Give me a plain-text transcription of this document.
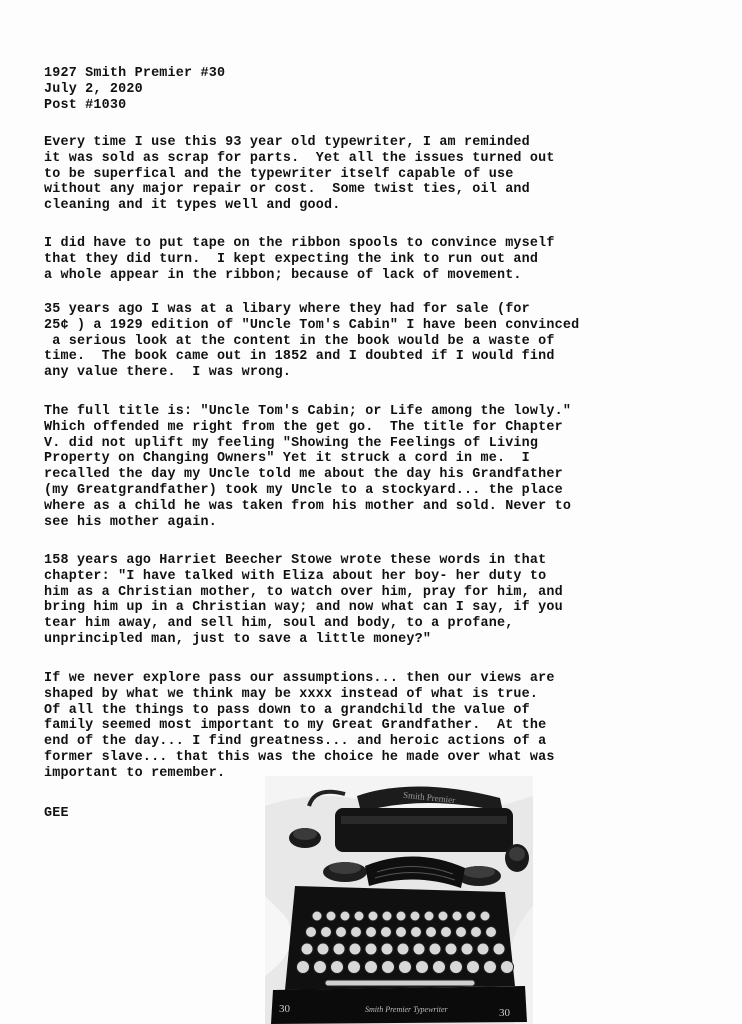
1927 Smith Premier #30
July 2, 2020
Post #1030
Every time I use this 93 year old typewriter, I am reminded
it was sold as scrap for parts.  Yet all the issues turned out
to be superfical and the typewriter itself capable of use
without any major repair or cost.  Some twist ties, oil and
cleaning and it types well and good.
I did have to put tape on the ribbon spools to convince myself
that they did turn.  I kept expecting the ink to run out and
a whole appear in the ribbon; because of lack of movement.
35 years ago I was at a libary where they had for sale (for
25¢ ) a 1929 edition of "Uncle Tom's Cabin" I have been convinced
a serious look at the content in the book would be a waste of
time.  The book came out in 1852 and I doubted if I would find
any value there.  I was wrong.
The full title is: "Uncle Tom's Cabin; or Life among the lowly."
Which offended me right from the get go.  The title for Chapter
V. did not uplift my feeling "Showing the Feelings of Living
Property on Changing Owners" Yet it struck a cord in me.  I
recalled the day my Uncle told me about the day his Grandfather
(my Greatgrandfather) took my Uncle to a stockyard... the place
where as a child he was taken from his mother and sold. Never to
see his mother again.
158 years ago Harriet Beecher Stowe wrote these words in that
chapter: "I have talked with Eliza about her boy- her duty to
him as a Christian mother, to watch over him, pray for him, and
bring him up in a Christian way; and now what can I say, if you
tear him away, and sell him, soul and body, to a profane,
unprincipled man, just to save a little money?"
If we never explore pass our assumptions... then our views are
shaped by what we think may be xxxx instead of what is true.
Of all the things to pass down to a grandchild the value of
family seemed most important to my Great Grandfather.  At the
end of the day... I find greatness... and heroic actions of a
former slave... that this was the choice he made over what was
important to remember.
GEE
Smith Premier Typewriter
30	30
Smith Premier
